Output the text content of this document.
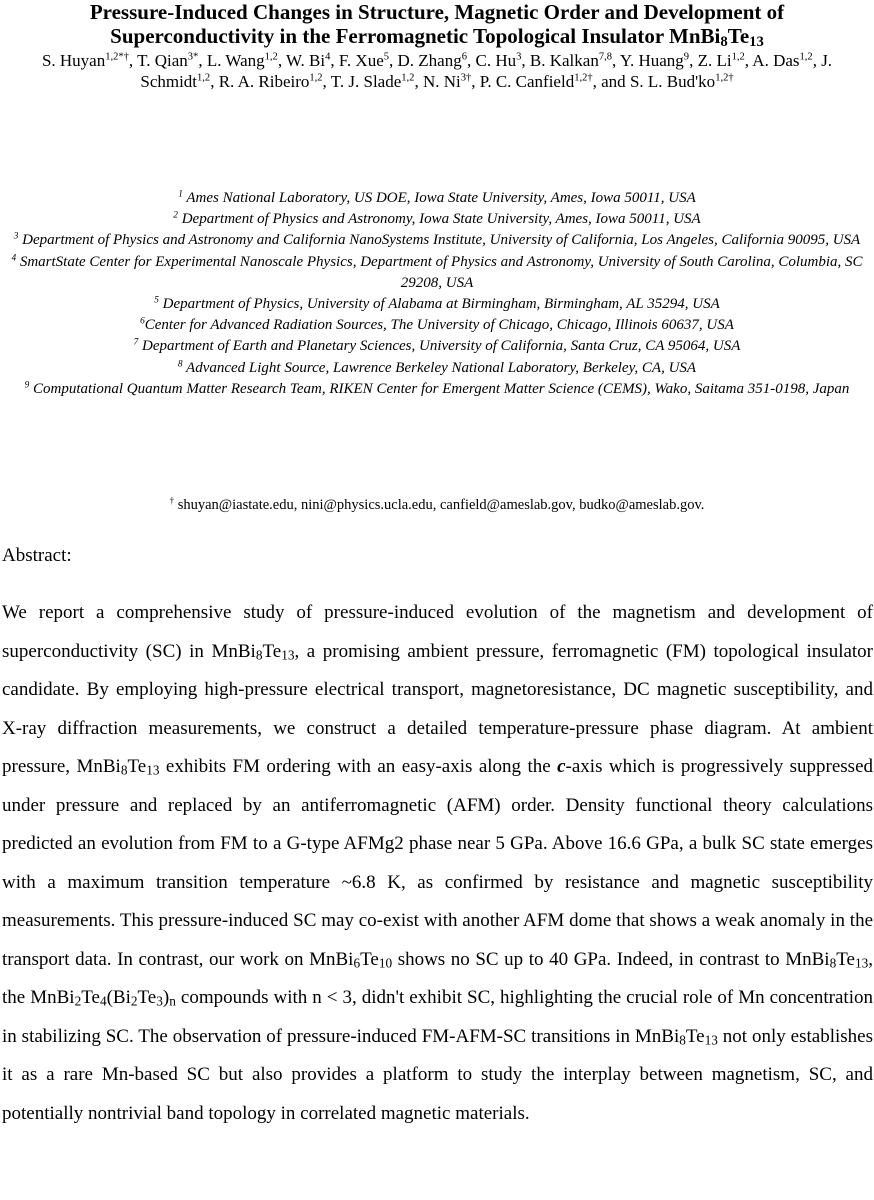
Pressure-Induced Changes in Structure, Magnetic Order and Development of
Superconductivity in the Ferromagnetic Topological Insulator $MnBi_8Te_{13}$
S. Huyan$^{1,2*\dagger}$, T. Qian$^{3*}$, L. Wang$^{1,2}$, W. Bi$^4$, F. Xue$^5$, D. Zhang$^6$, C. Hu$^3$, B. Kalkan$^{7,8}$, Y. Huang$^9$, Z. Li$^{1,2}$, A. Das$^{1,2}$, J. Schmidt$^{1,2}$, R. A. Ribeiro$^{1,2}$, T. J. Slade$^{1,2}$, N. $Ni^{3\dagger}$, P. C. Canfield$^{1,2\dagger}$, and S. L. $Bud'ko^{1,2\dagger}$
$^1$ Ames National Laboratory, US DOE, Iowa State University, Ames, Iowa 50011, USA
$^2$ Department of Physics and Astronomy, Iowa State University, Ames, Iowa 50011, USA
$^3$ Department of Physics and Astronomy and California NanoSystems Institute, University of California, Los Angeles, California 90095, USA
$^4$ SmartState Center for Experimental Nanoscale Physics, Department of Physics and Astronomy, University of South Carolina, Columbia, SC 29208, USA
$^5$ Department of Physics, University of Alabama at Birmingham, Birmingham, AL 35294, USA
$^6$Center for Advanced Radiation Sources, The University of Chicago, Chicago, Illinois 60637, USA
$^7$ Department of Earth and Planetary Sciences, University of California, Santa Cruz, CA 95064, USA
$^8$ Advanced Light Source, Lawrence Berkeley National Laboratory, Berkeley, CA, USA
$^9$ Computational Quantum Matter Research Team, RIKEN Center for Emergent Matter Science (CEMS), Wako, Saitama 351-0198, Japan
† shuyan@iastate.edu, nini@physics.ucla.edu, canfield@ameslab.gov, budko@ameslab.gov.
Abstract:
We report a comprehensive study of pressure-induced evolution of the magnetism and development of superconductivity (SC) in $MnBi_8Te_{13}$, a promising ambient pressure, ferromagnetic (FM) topological insulator candidate. By employing high-pressure electrical transport, magnetoresistance, DC magnetic susceptibility, and X-ray diffraction measurements, we construct a detailed temperature-pressure phase diagram. At ambient pressure, $MnBi_8Te_{13}$ exhibits FM ordering with an easy-axis along the c-axis which is progressively suppressed under pressure and replaced by an antiferromagnetic (AFM) order. Density functional theory calculations predicted an evolution from FM to a G-type AFMg2 phase near 5 GPa. Above 16.6 GPa, a bulk SC state emerges with a maximum transition temperature ~6.8 K, as confirmed by resistance and magnetic susceptibility measurements. This pressure-induced SC may co-exist with another AFM dome that shows a weak anomaly in the transport data. In contrast, our work on $MnBi_6Te_{10}$ shows no SC up to 40 GPa. Indeed, in contrast to $MnBi_8Te_{13}$, the $MnBi_2Te_4(Bi_2Te_3)_n$ compounds with n < 3, didn't exhibit SC, highlighting the crucial role of Mn concentration in stabilizing SC. The observation of pressure-induced FM-AFM-SC transitions in $MnBi_8Te_{13}$ not only establishes it as a rare Mn-based SC but also provides a platform to study the interplay between magnetism, SC, and potentially nontrivial band topology in correlated magnetic materials.
